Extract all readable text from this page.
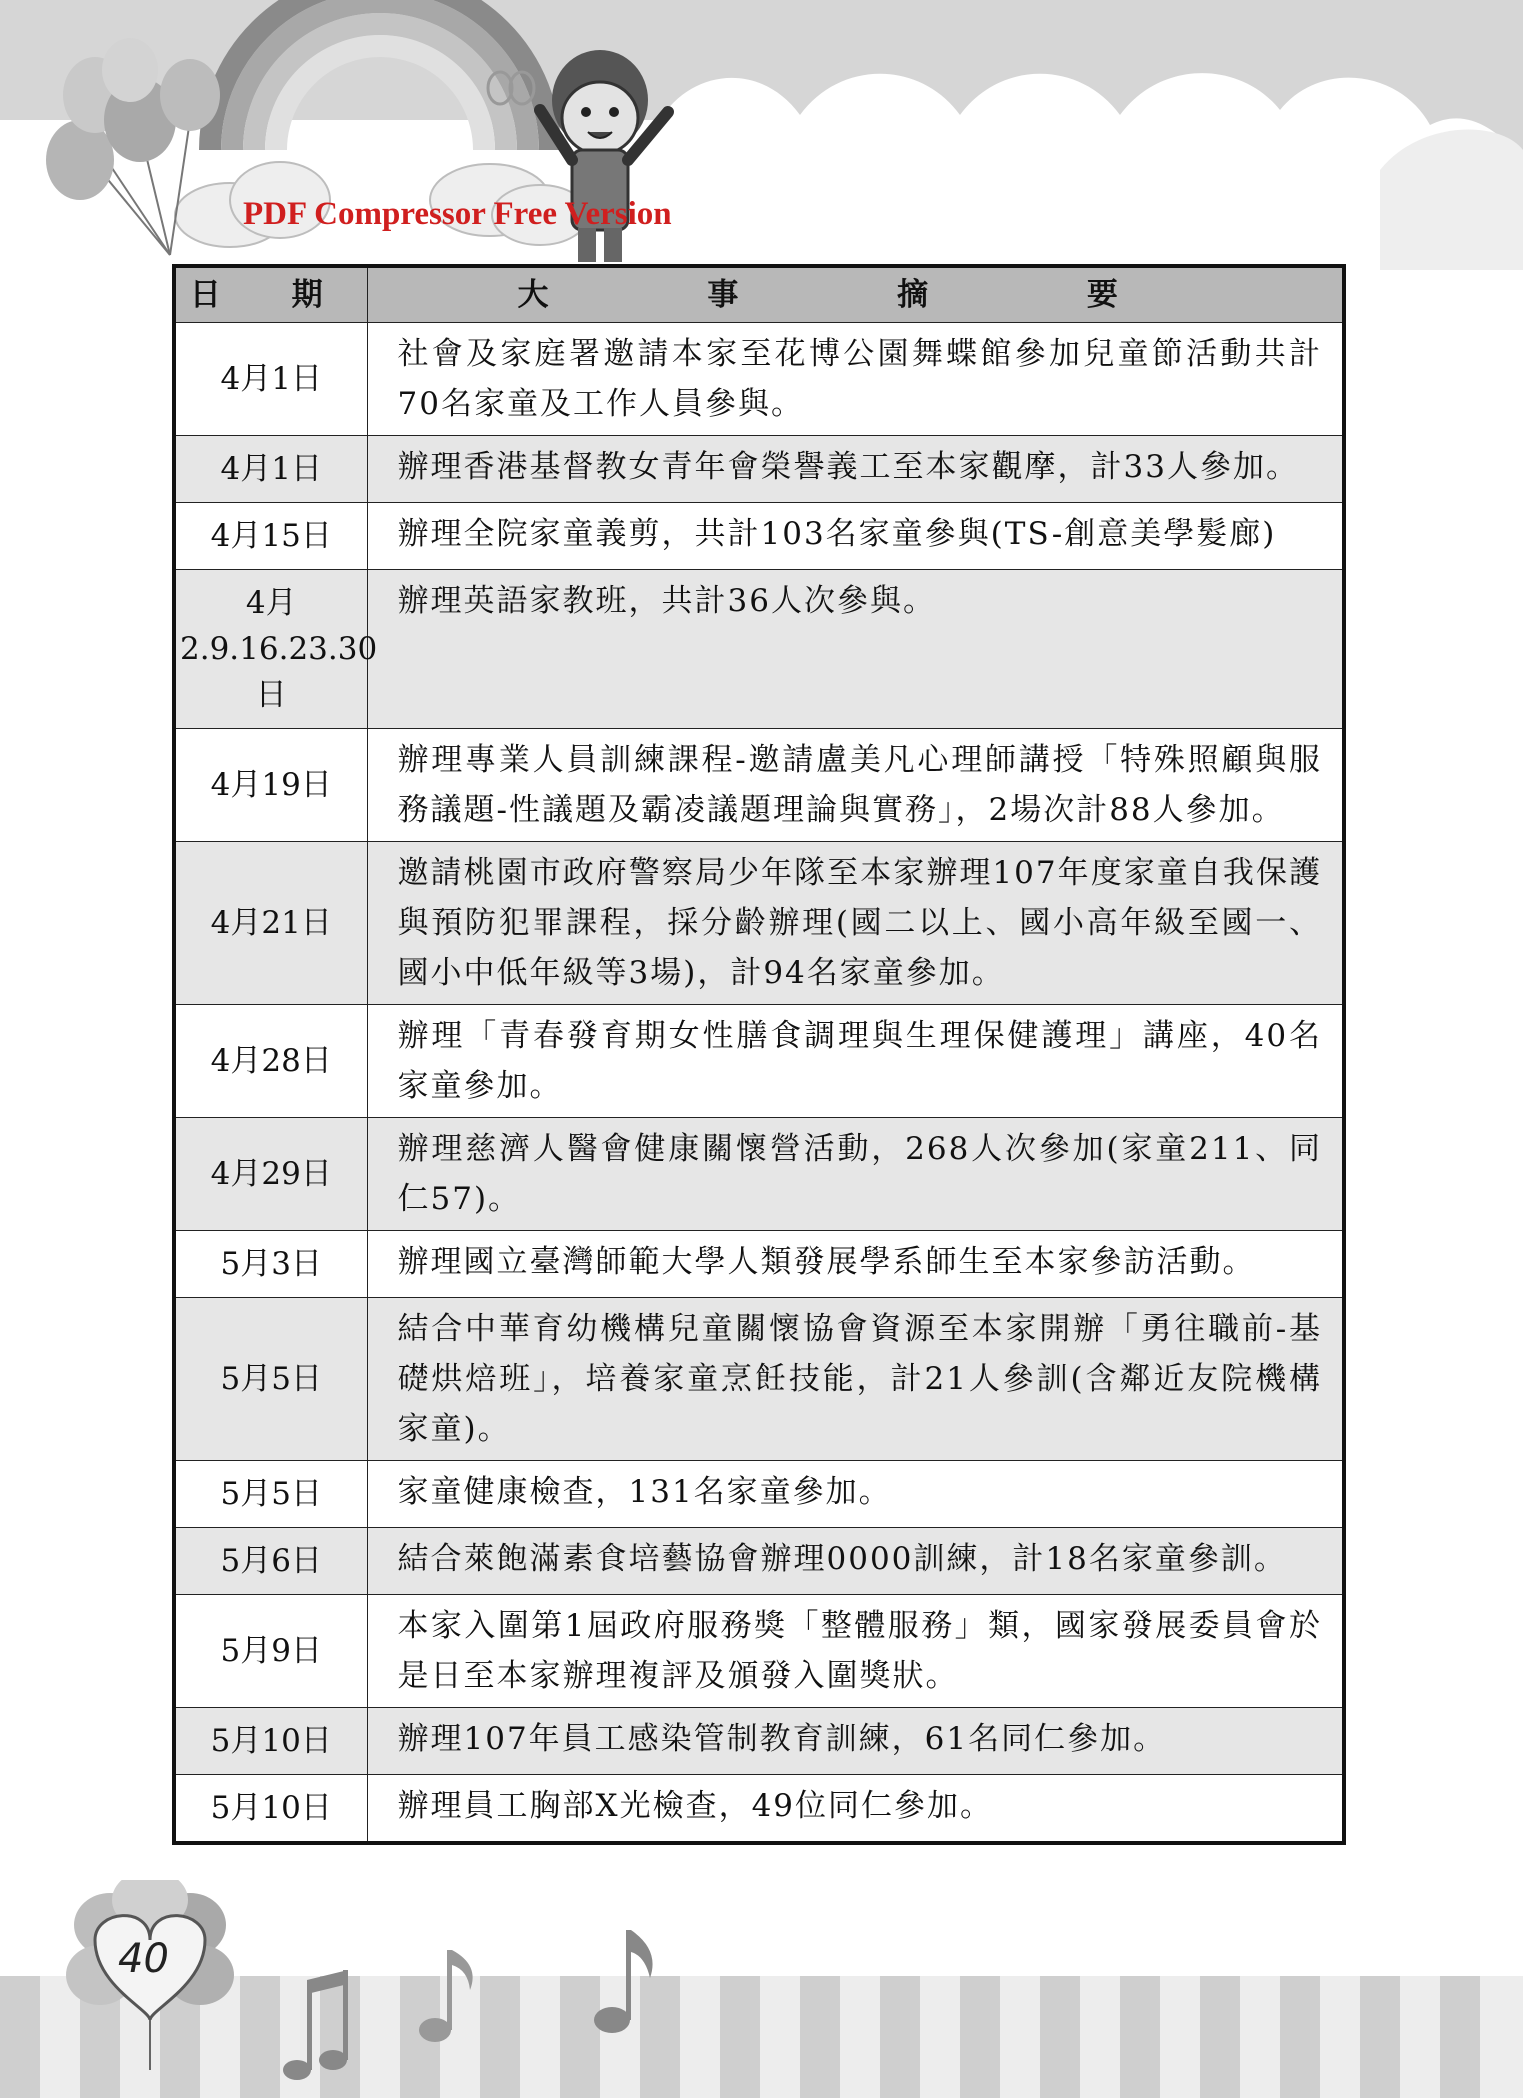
PDF Compressor Free Version
日 期	大 事 摘 要
4月1日	社會及家庭署邀請本家至花博公園舞蝶館參加兒童節活動共計70名家童及工作人員參與。
4月1日	辦理香港基督教女青年會榮譽義工至本家觀摩，計33人參加。
4月15日	辦理全院家童義剪，共計103名家童參與(TS-創意美學髮廊)
4月2.9.16.23.30日	辦理英語家教班，共計36人次參與。
4月19日	辦理專業人員訓練課程-邀請盧美凡心理師講授「特殊照顧與服務議題-性議題及霸凌議題理論與實務」，2場次計88人參加。
4月21日	邀請桃園市政府警察局少年隊至本家辦理107年度家童自我保護與預防犯罪課程，採分齡辦理(國二以上、國小高年級至國一、國小中低年級等3場)，計94名家童參加。
4月28日	辦理「青春發育期女性膳食調理與生理保健護理」講座，40名家童參加。
4月29日	辦理慈濟人醫會健康關懷營活動，268人次參加(家童211、同仁57)。
5月3日	辦理國立臺灣師範大學人類發展學系師生至本家參訪活動。
5月5日	結合中華育幼機構兒童關懷協會資源至本家開辦「勇往職前-基礎烘焙班」，培養家童烹飪技能，計21人參訓(含鄰近友院機構家童)。
5月5日	家童健康檢查，131名家童參加。
5月6日	結合萊飽滿素食培藝協會辦理0000訓練，計18名家童參訓。
5月9日	本家入圍第1屆政府服務獎「整體服務」類，國家發展委員會於是日至本家辦理複評及頒發入圍獎狀。
5月10日	辦理107年員工感染管制教育訓練，61名同仁參加。
5月10日	辦理員工胸部X光檢查，49位同仁參加。
40
